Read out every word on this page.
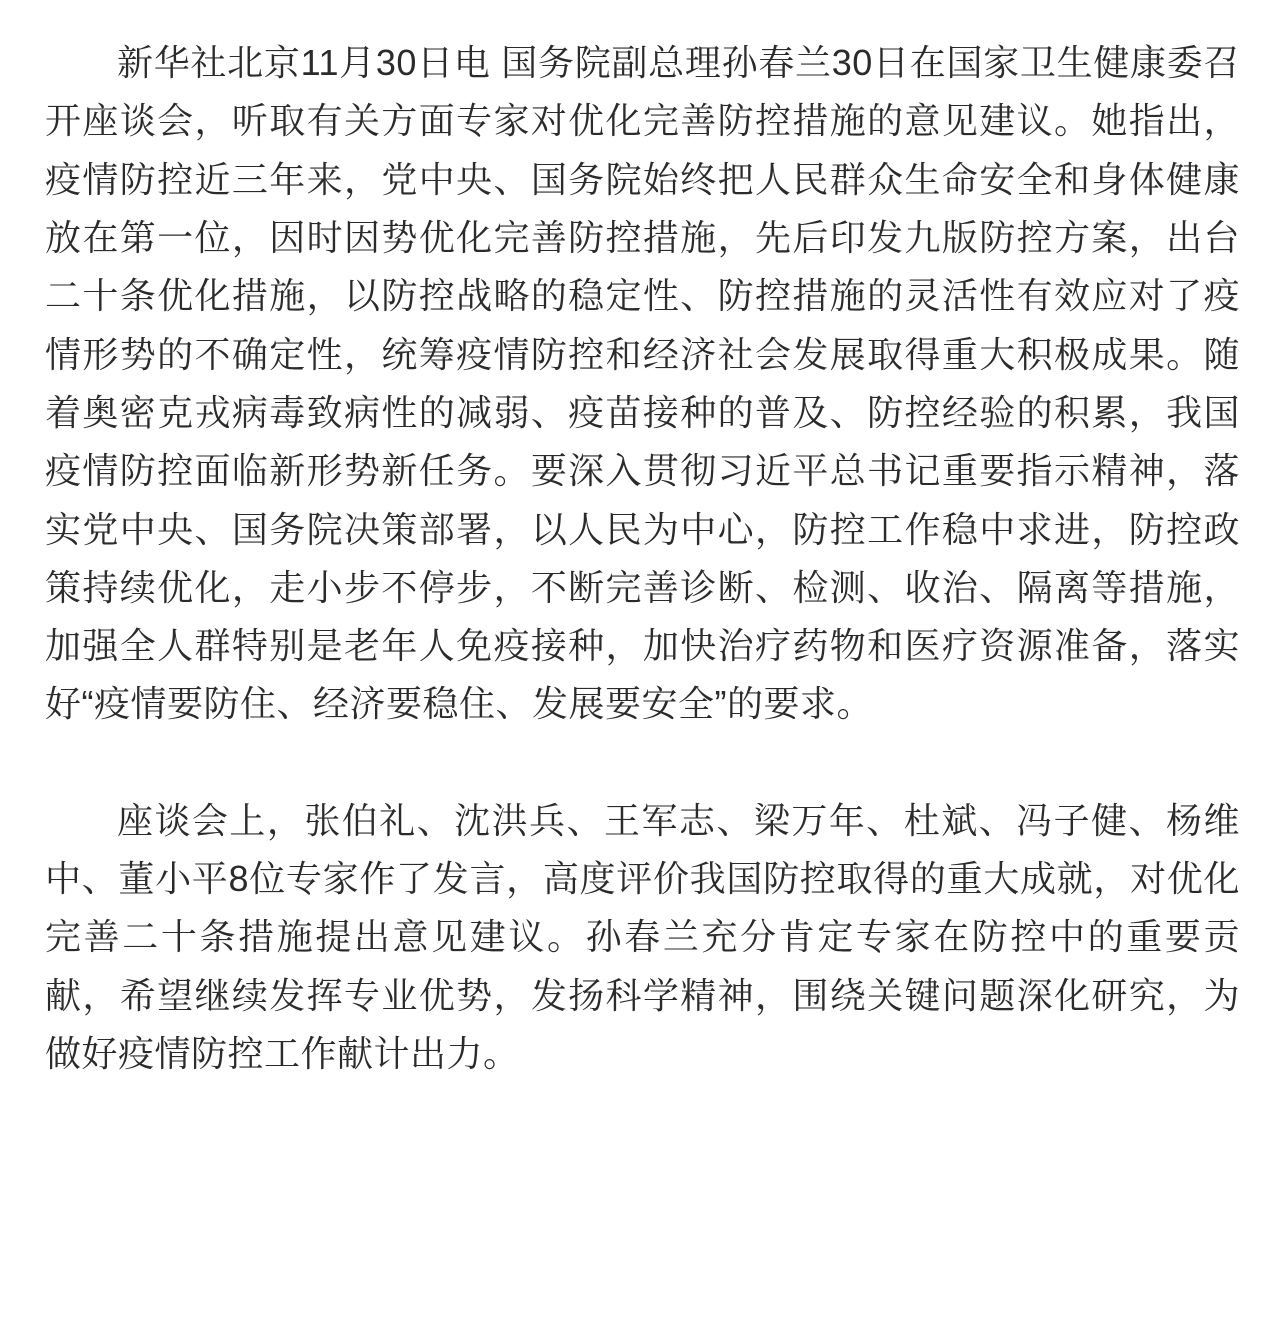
新华社北京11月30日电 国务院副总理孙春兰30日在国家卫生健康委召开座谈会，听取有关方面专家对优化完善防控措施的意见建议。她指出，疫情防控近三年来，党中央、国务院始终把人民群众生命安全和身体健康放在第一位，因时因势优化完善防控措施，先后印发九版防控方案，出台二十条优化措施，以防控战略的稳定性、防控措施的灵活性有效应对了疫情形势的不确定性，统筹疫情防控和经济社会发展取得重大积极成果。随着奥密克戎病毒致病性的减弱、疫苗接种的普及、防控经验的积累，我国疫情防控面临新形势新任务。要深入贯彻习近平总书记重要指示精神，落实党中央、国务院决策部署，以人民为中心，防控工作稳中求进，防控政策持续优化，走小步不停步，不断完善诊断、检测、收治、隔离等措施，加强全人群特别是老年人免疫接种，加快治疗药物和医疗资源准备，落实好“疫情要防住、经济要稳住、发展要安全”的要求。

座谈会上，张伯礼、沈洪兵、王军志、梁万年、杜斌、冯子健、杨维中、董小平8位专家作了发言，高度评价我国防控取得的重大成就，对优化完善二十条措施提出意见建议。孙春兰充分肯定专家在防控中的重要贡献，希望继续发挥专业优势，发扬科学精神，围绕关键问题深化研究，为做好疫情防控工作献计出力。
